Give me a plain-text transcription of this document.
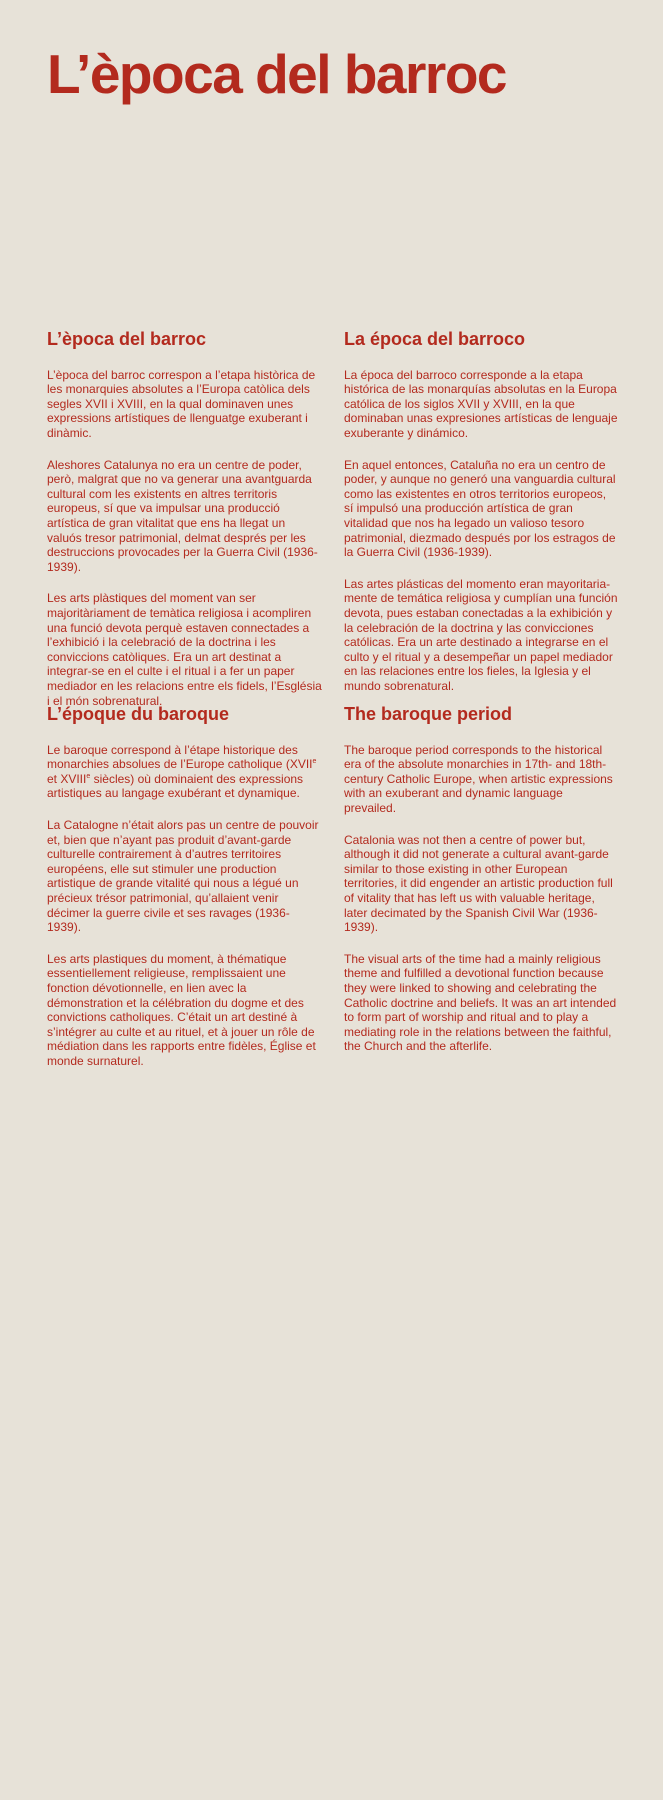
L’època del barroc
L’època del barroc

L’època del barroc correspon a l’etapa històrica de les monarquies absolutes a l’Europa catòlica dels segles XVII i XVIII, en la qual dominaven unes expressions artístiques de llenguatge exuberant i dinàmic.

Aleshores Catalunya no era un centre de poder, però, malgrat que no va generar una avantguarda cultural com les existents en altres territoris europeus, sí que va impulsar una producció artística de gran vitalitat que ens ha llegat un valuós tresor patrimonial, delmat després per les destruccions provocades per la Guerra Civil (1936-1939).

Les arts plàstiques del moment van ser majoritàriament de temàtica religiosa i acompliren una funció devota perquè estaven connectades a l’exhibició i la celebració de la doctrina i les conviccions catòliques. Era un art destinat a integrar-se en el culte i el ritual i a fer un paper mediador en les relacions entre els fidels, l’Església i el món sobrenatural.

La época del barroco

La época del barroco corresponde a la etapa histórica de las monarquías absolutas en la Europa católica de los siglos XVII y XVIII, en la que dominaban unas expresiones artísticas de lenguaje exuberante y dinámico.

En aquel entonces, Cataluña no era un centro de poder, y aunque no generó una vanguardia cultural como las existentes en otros territorios europeos, sí impulsó una producción artística de gran vitalidad que nos ha legado un valioso tesoro patrimonial, diezmado después por los estragos de la Guerra Civil (1936-1939).

Las artes plásticas del momento eran mayoritaria-mente de temática religiosa y cumplían una función devota, pues estaban conectadas a la exhibición y la celebración de la doctrina y las convicciones católicas. Era un arte destinado a integrarse en el culto y el ritual y a desempeñar un papel mediador en las relaciones entre los fieles, la Iglesia y el mundo sobrenatural.

L’époque du baroque

Le baroque correspond à l’étape historique des monarchies absolues de l’Europe catholique (XVIIe et XVIIIe siècles) où dominaient des expressions artistiques au langage exubérant et dynamique.

La Catalogne n’était alors pas un centre de pouvoir et, bien que n’ayant pas produit d’avant-garde culturelle contrairement à d’autres territoires européens, elle sut stimuler une production artistique de grande vitalité qui nous a légué un précieux trésor patrimonial, qu’allaient venir décimer la guerre civile et ses ravages (1936-1939).

Les arts plastiques du moment, à thématique essentiellement religieuse, remplissaient une fonction dévotionnelle, en lien avec la démonstration et la célébration du dogme et des convictions catholiques. C’était un art destiné à s’intégrer au culte et au rituel, et à jouer un rôle de médiation dans les rapports entre fidèles, Église et monde surnaturel.

The baroque period

The baroque period corresponds to the historical era of the absolute monarchies in 17th- and 18th-century Catholic Europe, when artistic expressions with an exuberant and dynamic language prevailed.

Catalonia was not then a centre of power but, although it did not generate a cultural avant-garde similar to those existing in other European territories, it did engender an artistic production full of vitality that has left us with valuable heritage, later decimated by the Spanish Civil War (1936-1939).

The visual arts of the time had a mainly religious theme and fulfilled a devotional function because they were linked to showing and celebrating the Catholic doctrine and beliefs. It was an art intended to form part of worship and ritual and to play a mediating role in the relations between the faithful, the Church and the afterlife.
